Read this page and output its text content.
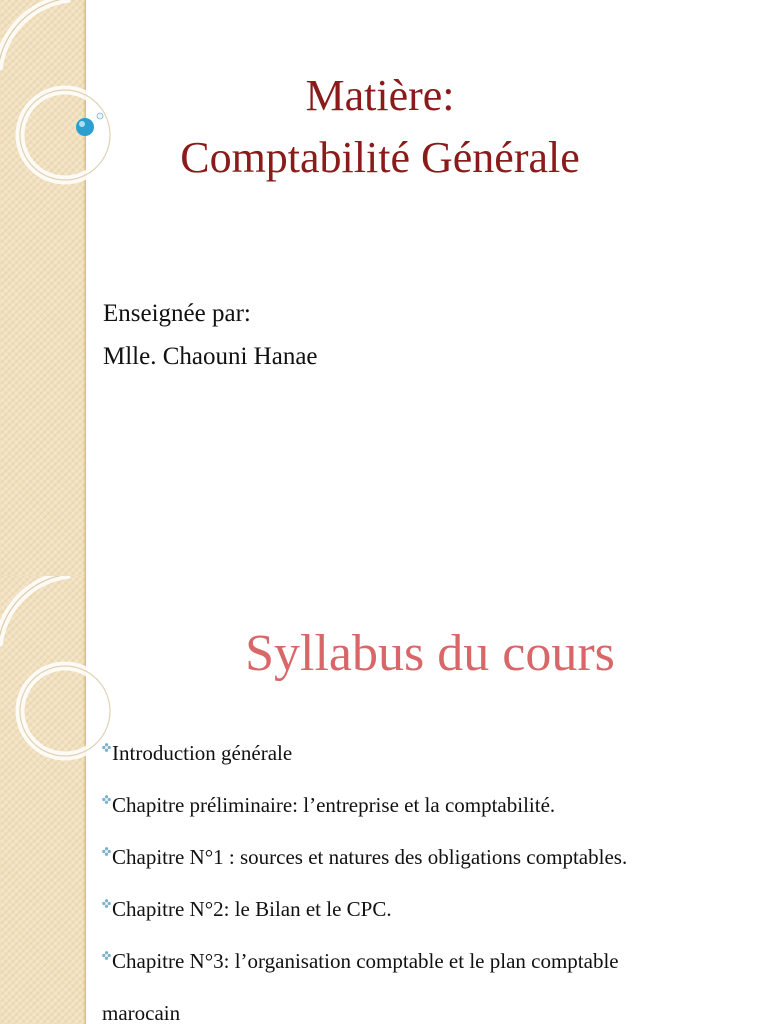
Matière:
Comptabilité Générale
Enseignée par:
Mlle. Chaouni Hanae
Syllabus du cours
Introduction générale
Chapitre préliminaire: l’entreprise et la comptabilité.
Chapitre N°1 : sources et natures des obligations comptables.
Chapitre N°2: le Bilan et le CPC.
Chapitre N°3: l’organisation comptable et le plan comptable
marocain
